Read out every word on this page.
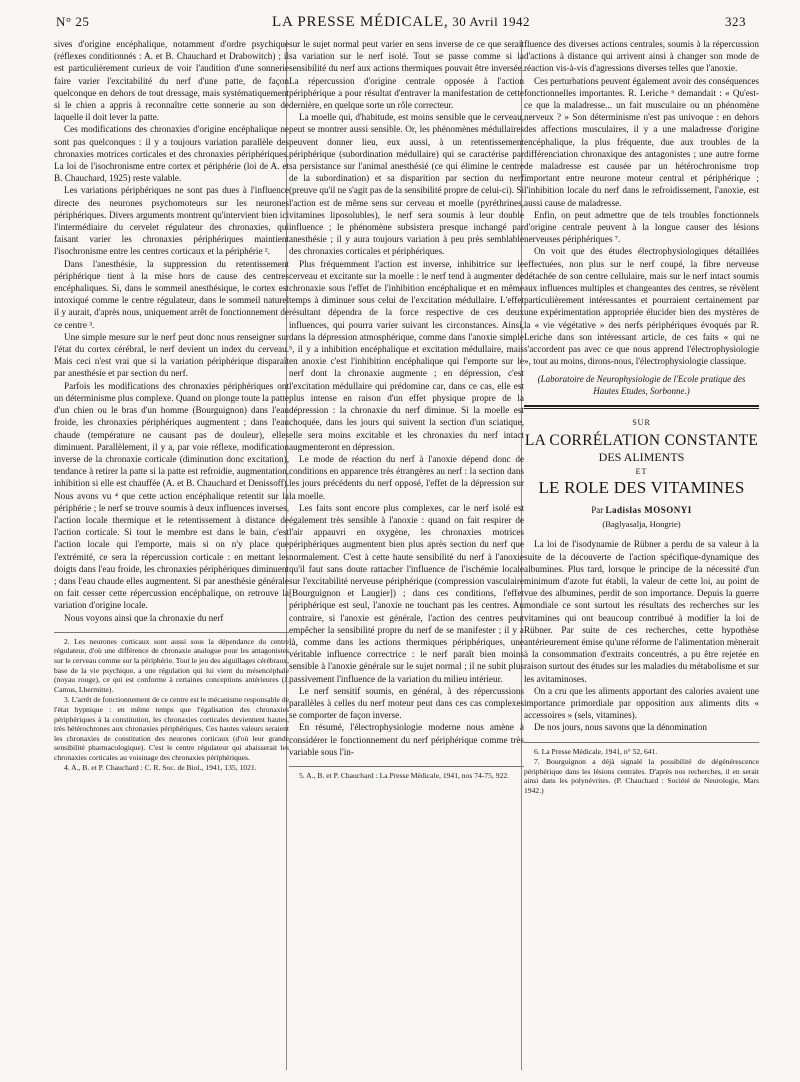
N° 25	LA PRESSE MÉDICALE, 30 Avril 1942	323

sives d'origine encéphalique, notamment d'ordre psychique (réflexes conditionnés : A. et B. Chauchard et Drabowitch) ; il est particulièrement curieux de voir l'audition d'une sonnerie faire varier l'excitabilité du nerf d'une patte, de façon quelconque en dehors de tout dressage, mais systématiquement si le chien a appris à reconnaître cette sonnerie au son de laquelle il doit lever la patte.

Ces modifications des chronaxies d'origine encéphalique ne sont pas quelconques : il y a toujours variation parallèle des chronaxies motrices corticales et des chronaxies périphériques. La loi de l'isochronisme entre cortex et périphérie (loi de A. et B. Chauchard, 1925) reste valable.

Les variations périphériques ne sont pas dues à l'influence directe des neurones psychomoteurs sur les neurones périphériques. Divers arguments montrent qu'intervient bien ici l'intermédiaire du cervelet régulateur des chronaxies, qui faisant varier les chronaxies périphériques maintient l'isochronisme entre les centres corticaux et la périphérie ².

Dans l'anesthésie, la suppression du retentissement périphérique tient à la mise hors de cause des centres encéphaliques. Si, dans le sommeil anesthésique, le cortex est intoxiqué comme le centre régulateur, dans le sommeil naturel il y aurait, d'après nous, uniquement arrêt de fonctionnement de ce centre ³.

Une simple mesure sur le nerf peut donc nous renseigner sur l'état du cortex cérébral, le nerf devient un index du cerveau. Mais ceci n'est vrai que si la variation périphérique disparaît par anesthésie et par section du nerf.

Parfois les modifications des chronaxies périphériques ont un déterminisme plus complexe. Quand on plonge toute la patte d'un chien ou le bras d'un homme (Bourguignon) dans l'eau froide, les chronaxies périphériques augmentent ; dans l'eau chaude (température ne causant pas de douleur), elles diminuent. Parallèlement, il y a, par voie réflexe, modification inverse de la chronaxie corticale (diminution donc excitation), tendance à retirer la patte si la patte est refroidie, augmentation, inhibition si elle est chauffée (A. et B. Chauchard et Denissoff). Nous avons vu ⁴ que cette action encéphalique retentit sur la périphérie ; le nerf se trouve soumis à deux influences inverses, l'action locale thermique et le retentissement à distance de l'action corticale. Si tout le membre est dans le bain, c'est l'action locale qui l'emporte, mais si on n'y place que l'extrémité, ce sera la répercussion corticale : en mettant les doigts dans l'eau froide, les chronaxies périphériques diminuent ; dans l'eau chaude elles augmentent. Si par anesthésie générale on fait cesser cette répercussion encéphalique, on retrouve la variation d'origine locale.

Nous voyons ainsi que la chronaxie du nerf

2. Les neurones corticaux sont aussi sous la dépendance du centre régulateur, d'où une différence de chronaxie analogue pour les antagonistes sur le cerveau comme sur la périphérie. Tout le jeu des aiguillages cérébraux, base de la vie psychique, a une régulation qui lui vient du mésencéphale (noyau rouge), ce qui est conforme à certaines conceptions antérieures (J. Camus, Lhermitte).

3. L'arrêt de fonctionnement de ce centre est le mécanisme responsable de l'état hypnique : en même temps que l'égalisation des chronaxies périphériques à la constitution, les chronaxies corticales deviennent hautes, très hétérochrones aux chronaxies périphériques. Ces hautes valeurs seraient les chronaxies de constitution des neurones corticaux (d'où leur grande sensibilité pharmacologique). C'est le centre régulateur qui abaisserait les chronaxies corticales au voisinage des chronaxies périphériques.

4. A., B. et P. Chauchard : C. R. Soc. de Biol., 1941, 135, 1021.

sur le sujet normal peut varier en sens inverse de ce que serait sa variation sur le nerf isolé. Tout se passe comme si la sensibilité du nerf aux actions thermiques pouvait être inversée. La répercussion d'origine centrale opposée à l'action périphérique a pour résultat d'entraver la manifestation de cette dernière, en quelque sorte un rôle correcteur.

La moelle qui, d'habitude, est moins sensible que le cerveau, peut se montrer aussi sensible. Or, les phénomènes médullaires peuvent donner lieu, eux aussi, à un retentissement périphérique (subordination médullaire) qui se caractérise par sa persistance sur l'animal anesthésié (ce qui élimine le centre de la subordination) et sa disparition par section du nerf (preuve qu'il ne s'agit pas de la sensibilité propre de celui-ci). Si l'action est de même sens sur cerveau et moelle (pyréthrines, vitamines liposolubles), le nerf sera soumis à leur double influence ; le phénomène subsistera presque inchangé par anesthésie ; il y aura toujours variation à peu près semblable des chronaxies corticales et périphériques.

Plus fréquemment l'action est inverse, inhibitrice sur le cerveau et excitante sur la moelle : le nerf tend à augmenter de chronaxie sous l'effet de l'inhibition encéphalique et en même temps à diminuer sous celui de l'excitation médullaire. L'effet résultant dépendra de la force respective de ces deux influences, qui pourra varier suivant les circonstances. Ainsi, dans la dépression atmosphérique, comme dans l'anoxie simple ⁵, il y a inhibition encéphalique et excitation médullaire, mais en anoxie c'est l'inhibition encéphalique qui l'emporte sur le nerf dont la chronaxie augmente ; en dépression, c'est l'excitation médullaire qui prédomine car, dans ce cas, elle est plus intense en raison d'un effet physique propre de la dépression : la chronaxie du nerf diminue. Si la moelle est choquée, dans les jours qui suivent la section d'un sciatique, elle sera moins excitable et les chronaxies du nerf intact augmenteront en dépression.

Le mode de réaction du nerf à l'anoxie dépend donc de conditions en apparence très étrangères au nerf : la section dans les jours précédents du nerf opposé, l'effet de la dépression sur la moelle.

Les faits sont encore plus complexes, car le nerf isolé est également très sensible à l'anoxie : quand on fait respirer de l'air appauvri en oxygène, les chronaxies motrices périphériques augmentent bien plus après section du nerf que normalement. C'est à cette haute sensibilité du nerf à l'anoxie qu'il faut sans doute rattacher l'influence de l'ischémie locale sur l'excitabilité nerveuse périphérique (compression vasculaire [Bourguignon et Laugier]) ; dans ces conditions, l'effet périphérique est seul, l'anoxie ne touchant pas les centres. Au contraire, si l'anoxie est générale, l'action des centres peut empêcher la sensibilité propre du nerf de se manifester ; il y a là, comme dans les actions thermiques périphériques, une véritable influence correctrice : le nerf paraît bien moins sensible à l'anoxie générale sur le sujet normal ; il ne subit plus passivement l'influence de la variation du milieu intérieur.

Le nerf sensitif soumis, en général, à des répercussions parallèles à celles du nerf moteur peut dans ces cas complexes se comporter de façon inverse.

En résumé, l'électrophysiologie moderne nous amène à considérer le fonctionnement du nerf périphérique comme très variable sous l'in-

5. A., B. et P. Chauchard : La Presse Médicale, 1941, nos 74-75, 922.

fluence des diverses actions centrales, soumis à la répercussion d'actions à distance qui arrivent ainsi à changer son mode de réaction vis-à-vis d'agressions diverses telles que l'anoxie.

Ces perturbations peuvent également avoir des conséquences fonctionnelles importantes. R. Leriche ⁶ demandait : « Qu'est-ce que la maladresse... un fait musculaire ou un phénomène nerveux ? » Son déterminisme n'est pas univoque : en dehors des affections musculaires, il y a une maladresse d'origine encéphalique, la plus fréquente, due aux troubles de la différenciation chronaxique des antagonistes ; une autre forme de maladresse est causée par un hétérochronisme trop important entre neurone moteur central et périphérique ; l'inhibition locale du nerf dans le refroidissement, l'anoxie, est aussi cause de maladresse.

Enfin, on peut admettre que de tels troubles fonctionnels d'origine centrale peuvent à la longue causer des lésions nerveuses périphériques ⁷.

On voit que des études électrophysiologiques détaillées effectuées, non plus sur le nerf coupé, la fibre nerveuse détachée de son centre cellulaire, mais sur le nerf intact soumis aux influences multiples et changeantes des centres, se révèlent particulièrement intéressantes et pourraient certainement par une expérimentation appropriée élucider bien des mystères de la « vie végétative » des nerfs périphériques évoqués par R. Leriche dans son intéressant article, de ces faits « qui ne s'accordent pas avec ce que nous apprend l'électrophysiologie », tout au moins, dirons-nous, l'électrophysiologie classique.

(Laboratoire de Neurophysiologie de l'Ecole pratique des Hautes Etudes, Sorbonne.)
SUR
LA CORRÉLATION CONSTANTE
DES ALIMENTS
ET
LE ROLE DES VITAMINES
Par Ladislas MOSONYI
(Baglyasalja, Hongrie)

La loi de l'isodynamie de Rübner a perdu de sa valeur à la suite de la découverte de l'action spécifique-dynamique des albumines. Plus tard, lorsque le principe de la nécessité d'un minimum d'azote fut établi, la valeur de cette loi, au point de vue des albumines, perdit de son importance. Depuis la guerre mondiale ce sont surtout les résultats des recherches sur les vitamines qui ont beaucoup contribué à modifier la loi de Rübner. Par suite de ces recherches, cette hypothèse antérieurement émise qu'une réforme de l'alimentation mènerait à la consommation d'extraits concentrés, a pu être rejetée en raison surtout des études sur les maladies du métabolisme et sur les avitaminoses.

On a cru que les aliments apportant des calories avaient une importance primordiale par opposition aux aliments dits « accessoires » (sels, vitamines).

De nos jours, nous savons que la dénomination

6. La Presse Médicale, 1941, n° 52, 641.

7. Bourguignon a déjà signalé la possibilité de dégénérescence périphérique dans les lésions centrales. D'après nos recherches, il en serait ainsi dans les polynévrites. (P. Chauchard : Société de Neurologie, Mars 1942.)
